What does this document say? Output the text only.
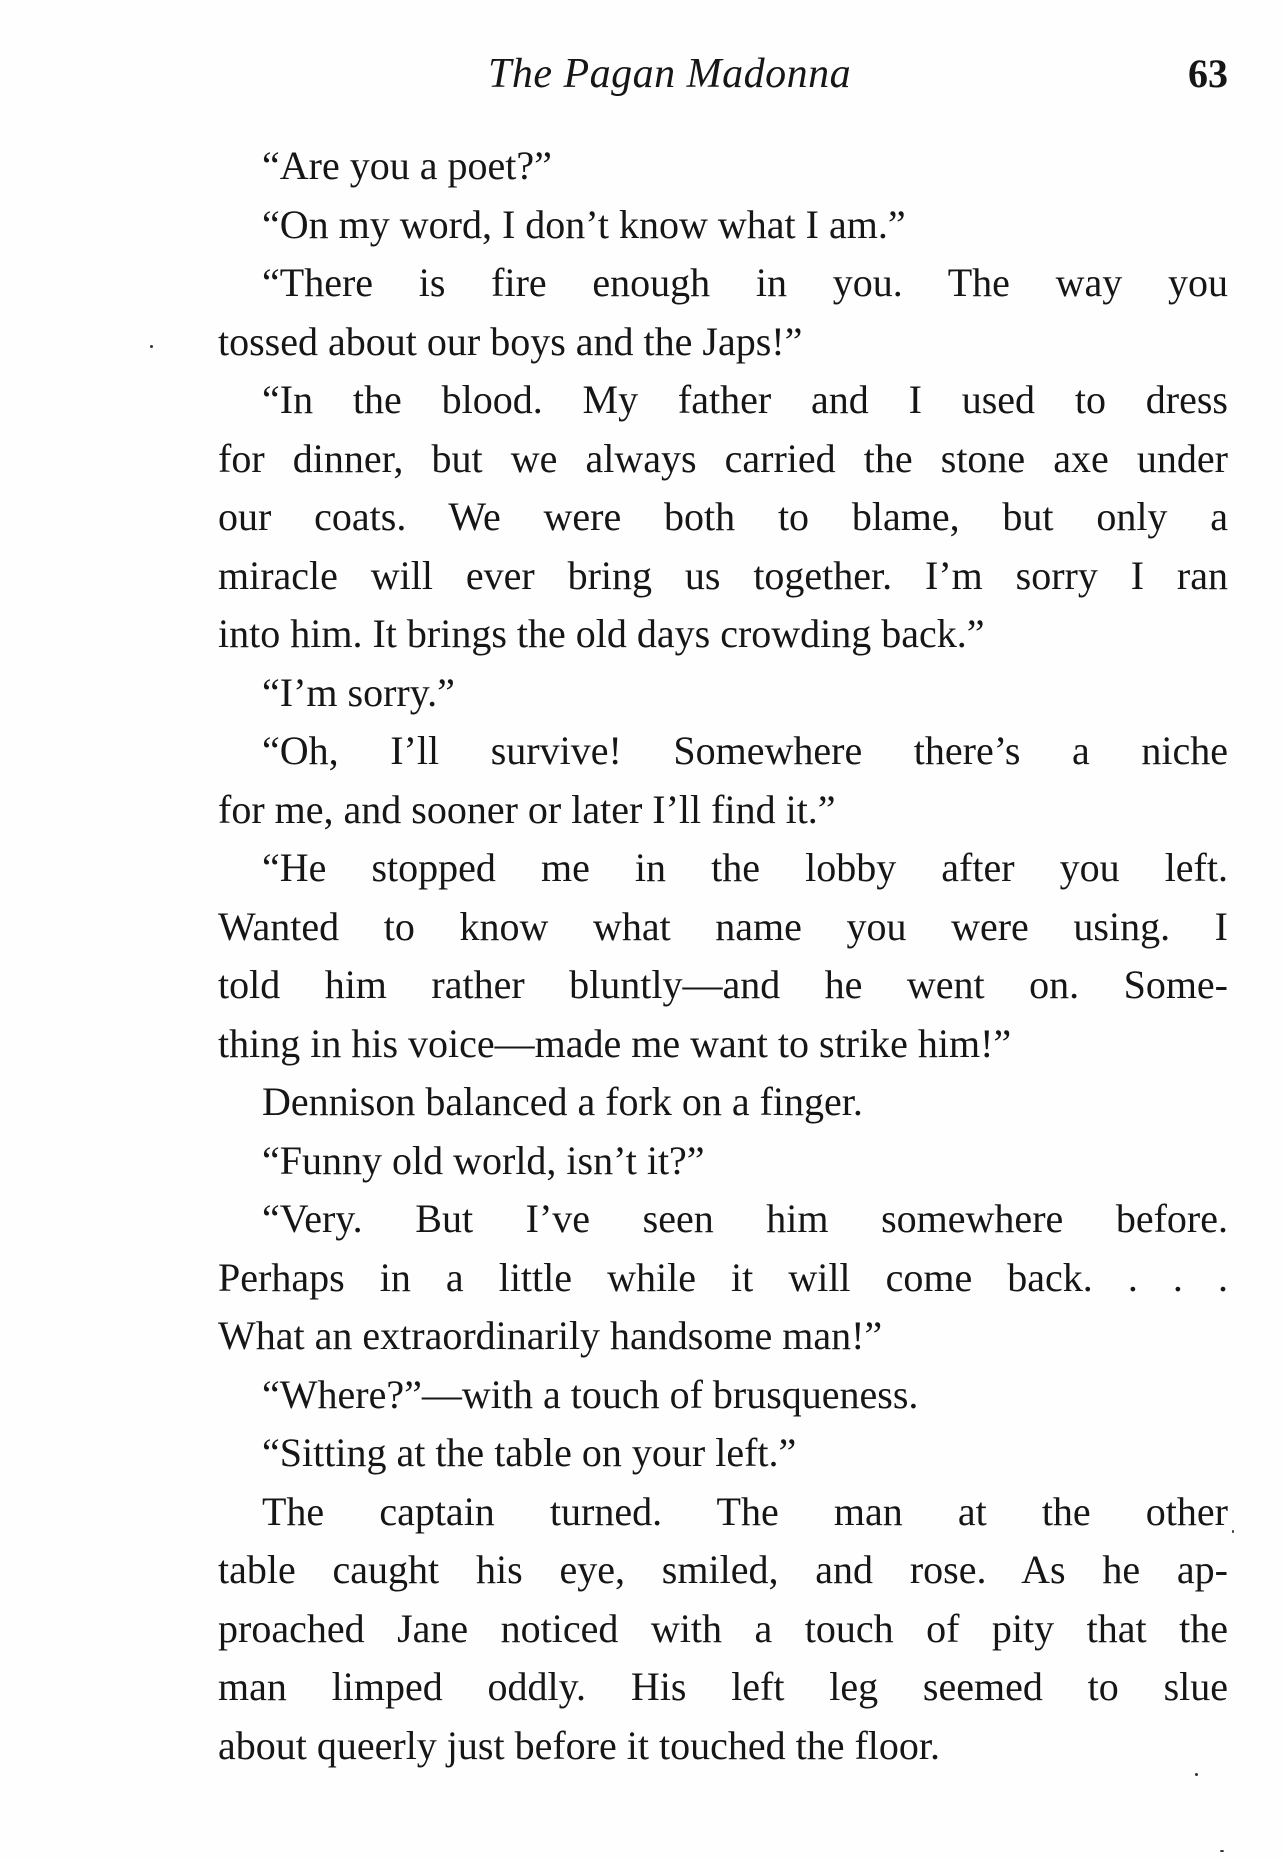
The Pagan Madonna	63
“Are you a poet?”
“On my word, I don’t know what I am.”
“There is fire enough in you. The way you
tossed about our boys and the Japs!”
“In the blood. My father and I used to dress
for dinner, but we always carried the stone axe under
our coats. We were both to blame, but only a
miracle will ever bring us together. I’m sorry I ran
into him. It brings the old days crowding back.”
“I’m sorry.”
“Oh, I’ll survive! Somewhere there’s a niche
for me, and sooner or later I’ll find it.”
“He stopped me in the lobby after you left.
Wanted to know what name you were using. I
told him rather bluntly—and he went on. Some-
thing in his voice—made me want to strike him!”
Dennison balanced a fork on a finger.
“Funny old world, isn’t it?”
“Very. But I’ve seen him somewhere before.
Perhaps in a little while it will come back. . . .
What an extraordinarily handsome man!”
“Where?”—with a touch of brusqueness.
“Sitting at the table on your left.”
The captain turned. The man at the other
table caught his eye, smiled, and rose. As he ap-
proached Jane noticed with a touch of pity that the
man limped oddly. His left leg seemed to slue
about queerly just before it touched the floor.
